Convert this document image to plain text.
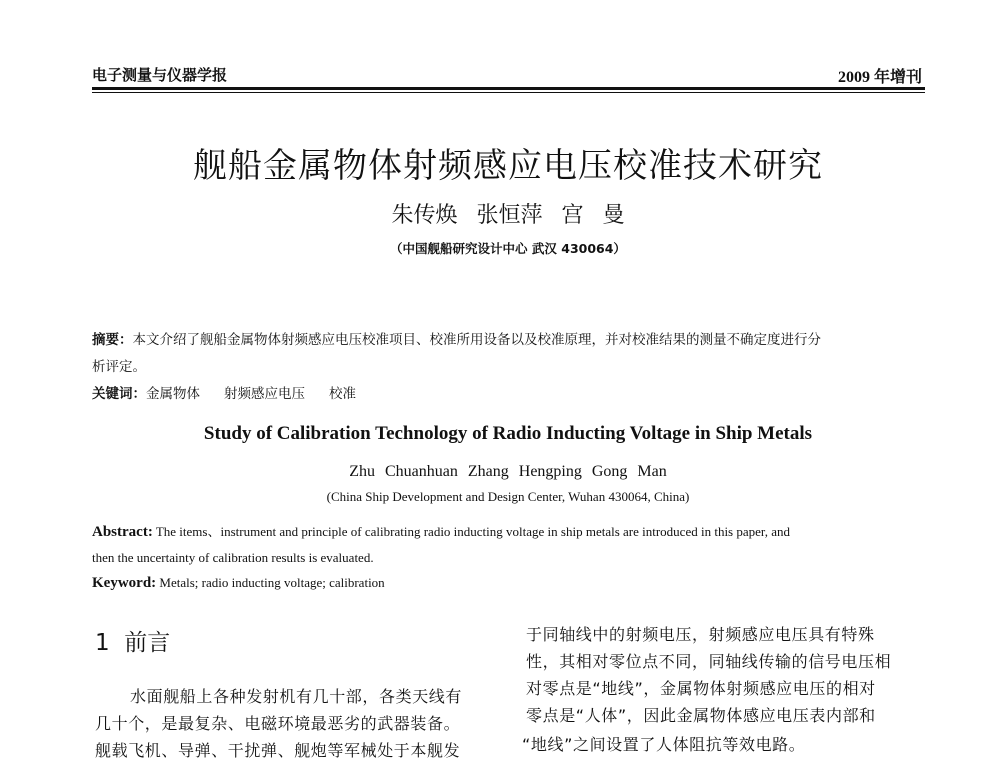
电子测量与仪器学报	2009 年增刊
舰船金属物体射频感应电压校准技术研究
朱传焕 张恒萍 宫 曼
（中国舰船研究设计中心 武汉 430064）
摘要：本文介绍了舰船金属物体射频感应电压校准项目、校准所用设备以及校准原理，并对校准结果的测量不确定度进行分
析评定。
关键词：金属物体 射频感应电压 校准
Study of Calibration Technology of Radio Inducting Voltage in Ship Metals
Zhu Chuanhuan Zhang Hengping Gong Man
(China Ship Development and Design Center, Wuhan 430064, China)
Abstract: The items、instrument and principle of calibrating radio inducting voltage in ship metals are introduced in this paper, and
then the uncertainty of calibration results is evaluated.
Keyword: Metals; radio inducting voltage; calibration
1 前言
水面舰船上各种发射机有几十部，各类天线有
几十个，是最复杂、电磁环境最恶劣的武器装备。
舰载飞机、导弹、干扰弹、舰炮等军械处于本舰发
于同轴线中的射频电压，射频感应电压具有特殊
性，其相对零位点不同，同轴线传输的信号电压相
对零点是“地线”，金属物体射频感应电压的相对
零点是“人体”，因此金属物体感应电压表内部和
“地线”之间设置了人体阻抗等效电路。
